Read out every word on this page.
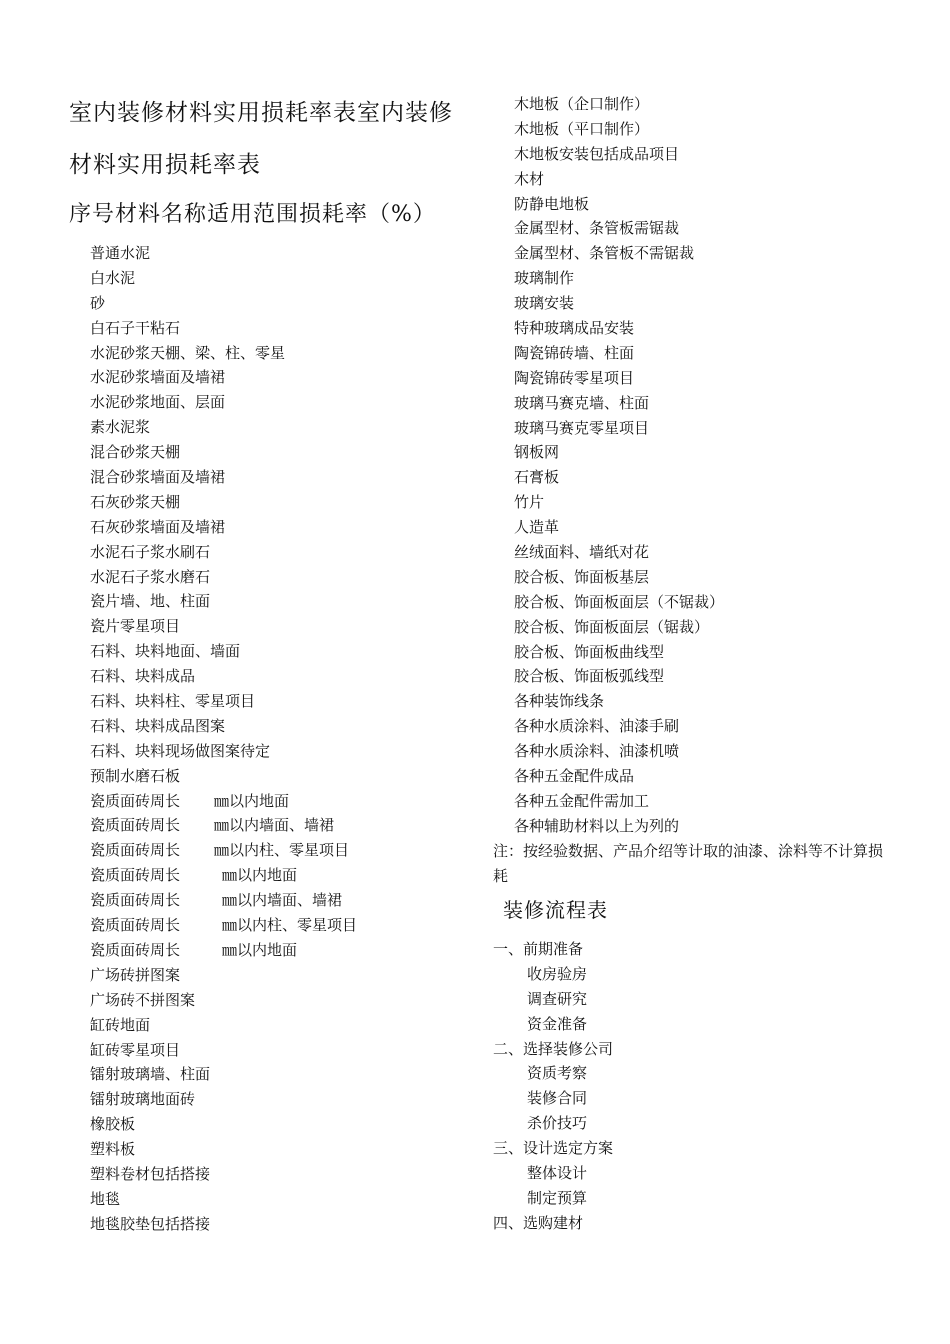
室内装修材料实用损耗率表室内装修
材料实用损耗率表
序号材料名称适用范围损耗率（%）
普通水泥
白水泥
砂
白石子干粘石
水泥砂浆天棚、梁、柱、零星
水泥砂浆墙面及墙裙
水泥砂浆地面、层面
素水泥浆
混合砂浆天棚
混合砂浆墙面及墙裙
石灰砂浆天棚
石灰砂浆墙面及墙裙
水泥石子浆水刷石
水泥石子浆水磨石
瓷片墙、地、柱面
瓷片零星项目
石料、块料地面、墙面
石料、块料成品
石料、块料柱、零星项目
石料、块料成品图案
石料、块料现场做图案待定
预制水磨石板
瓷质面砖周长 ㎜以内地面
瓷质面砖周长 ㎜以内墙面、墙裙
瓷质面砖周长 ㎜以内柱、零星项目
瓷质面砖周长	㎜以内地面
瓷质面砖周长	㎜以内墙面、墙裙
瓷质面砖周长	㎜以内柱、零星项目
瓷质面砖周长	㎜以内地面
广场砖拼图案
广场砖不拼图案
缸砖地面
缸砖零星项目
镭射玻璃墙、柱面
镭射玻璃地面砖
橡胶板
塑料板
塑料卷材包括搭接
地毯
地毯胶垫包括搭接
木地板（企口制作）
木地板（平口制作）
木地板安装包括成品项目
木材
防静电地板
金属型材、条管板需锯裁
金属型材、条管板不需锯裁
玻璃制作
玻璃安装
特种玻璃成品安装
陶瓷锦砖墙、柱面
陶瓷锦砖零星项目
玻璃马赛克墙、柱面
玻璃马赛克零星项目
钢板网
石膏板
竹片
人造革
丝绒面料、墙纸对花
胶合板、饰面板基层
胶合板、饰面板面层（不锯裁）
胶合板、饰面板面层（锯裁）
胶合板、饰面板曲线型
胶合板、饰面板弧线型
各种装饰线条
各种水质涂料、油漆手刷
各种水质涂料、油漆机喷
各种五金配件成品
各种五金配件需加工
各种辅助材料以上为列的

注：按经验数据、产品介绍等计取的油漆、涂料等不计算损耗

装修流程表
一、前期准备
收房验房
调查研究
资金准备
二、选择装修公司
资质考察
装修合同
杀价技巧
三、设计选定方案
整体设计
制定预算
四、选购建材
